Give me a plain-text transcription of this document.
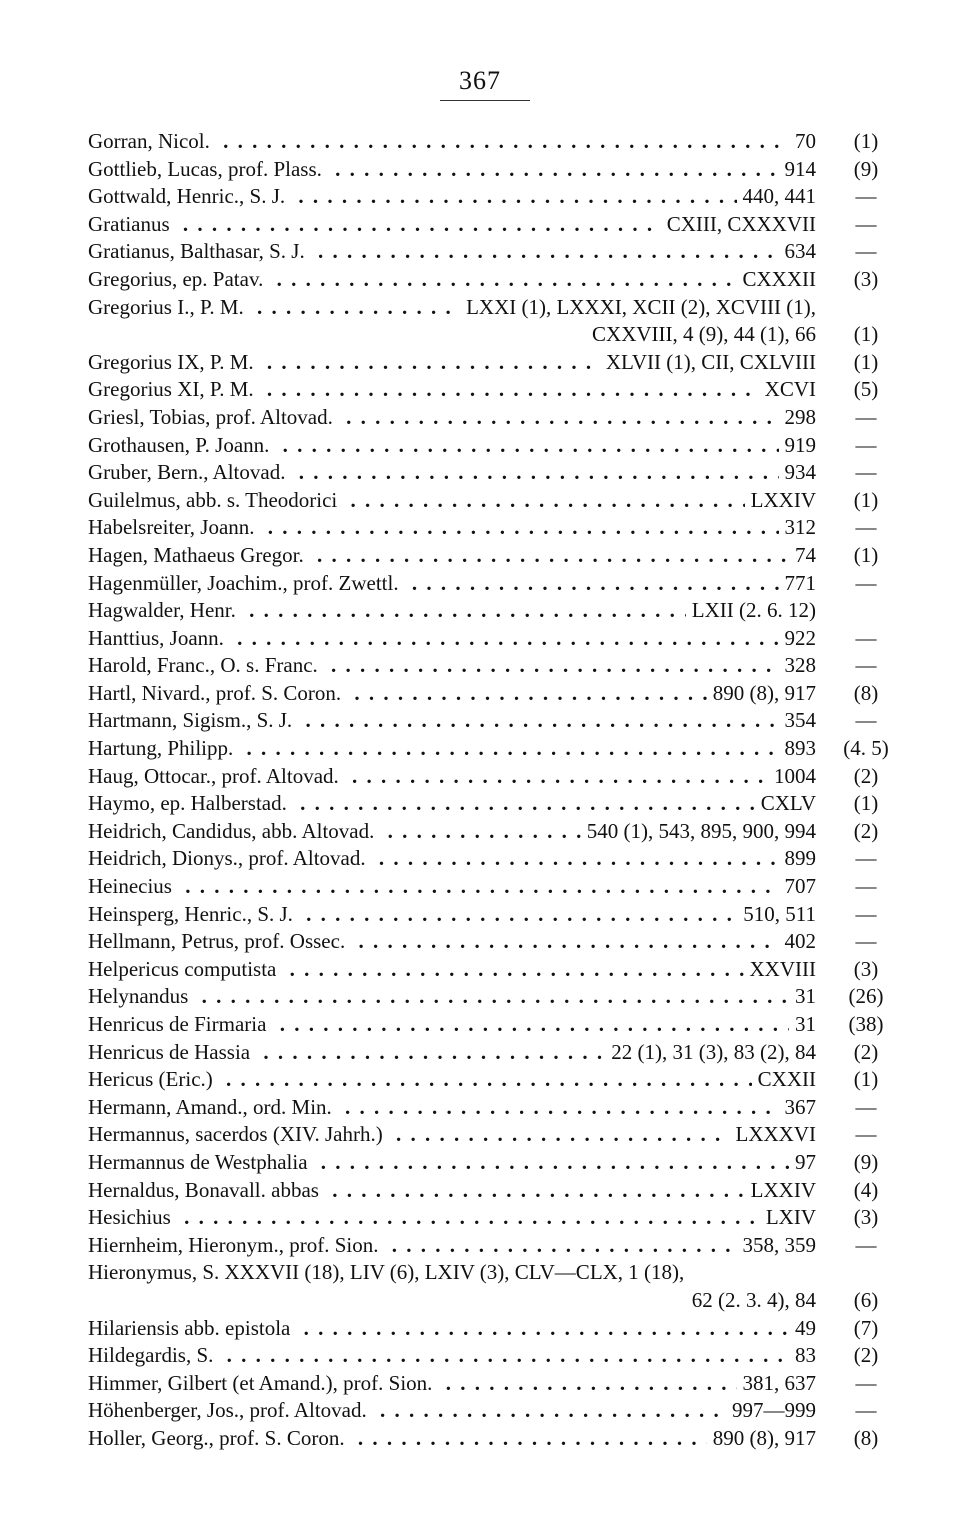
367
Gorran, Nicol. . . .	70	(1)
Gottlieb, Lucas, prof. Plass. . . .	914	(9)
Gottwald, Henric., S. J. . . .	440, 441	—
Gratianus . . .	CXIII, CXXXVII	—
Gratianus, Balthasar, S. J. . . .	634	—
Gregorius, ep. Patav. . . .	CXXXII	(3)
Gregorius I., P. M. . . .	LXXI (1), LXXXI, XCII (2), XCVIII (1),
CXXVIII, 4 (9), 44 (1), 66	(1)
Gregorius IX, P. M. . . .	XLVII (1), CII, CXLVIII	(1)
Gregorius XI, P. M. . . .	XCVI	(5)
Griesl, Tobias, prof. Altovad. . . .	298	—
Grothausen, P. Joann. . . .	919	—
Gruber, Bern., Altovad. . . .	934	—
Guilelmus, abb. s. Theodorici . . .	LXXIV	(1)
Habelsreiter, Joann. . . .	312	—
Hagen, Mathaeus Gregor. . . .	74	(1)
Hagenmüller, Joachim., prof. Zwettl. . . .	771	—
Hagwalder, Henr. . . .	LXII (2. 6. 12)
Hanttius, Joann. . . .	922	—
Harold, Franc., O. s. Franc. . . .	328	—
Hartl, Nivard., prof. S. Coron. . . .	890 (8), 917	(8)
Hartmann, Sigism., S. J. . . .	354	—
Hartung, Philipp. . . .	893	(4. 5)
Haug, Ottocar., prof. Altovad. . . .	1004	(2)
Haymo, ep. Halberstad. . . .	CXLV	(1)
Heidrich, Candidus, abb. Altovad. . . .	540 (1), 543, 895, 900, 994	(2)
Heidrich, Dionys., prof. Altovad. . . .	899	—
Heinecius . . .	707	—
Heinsperg, Henric., S. J. . . .	510, 511	—
Hellmann, Petrus, prof. Ossec. . . .	402	—
Helpericus computista . . .	XXVIII	(3)
Helynandus . . .	31	(26)
Henricus de Firmaria . . .	31	(38)
Henricus de Hassia . . .	22 (1), 31 (3), 83 (2), 84	(2)
Hericus (Eric.) . . .	CXXII	(1)
Hermann, Amand., ord. Min. . . .	367	—
Hermannus, sacerdos (XIV. Jahrh.) . . .	LXXXVI	—
Hermannus de Westphalia . . .	97	(9)
Hernaldus, Bonavall. abbas . . .	LXXIV	(4)
Hesichius . . .	LXIV	(3)
Hiernheim, Hieronym., prof. Sion. . . .	358, 359	—
Hieronymus, S. XXXVII (18), LIV (6), LXIV (3), CLV—CLX, 1 (18),
62 (2. 3. 4), 84	(6)
Hilariensis abb. epistola . . .	49	(7)
Hildegardis, S. . . .	83	(2)
Himmer, Gilbert (et Amand.), prof. Sion. . . .	381, 637	—
Höhenberger, Jos., prof. Altovad. . . .	997—999	—
Holler, Georg., prof. S. Coron. . . .	890 (8), 917	(8)
